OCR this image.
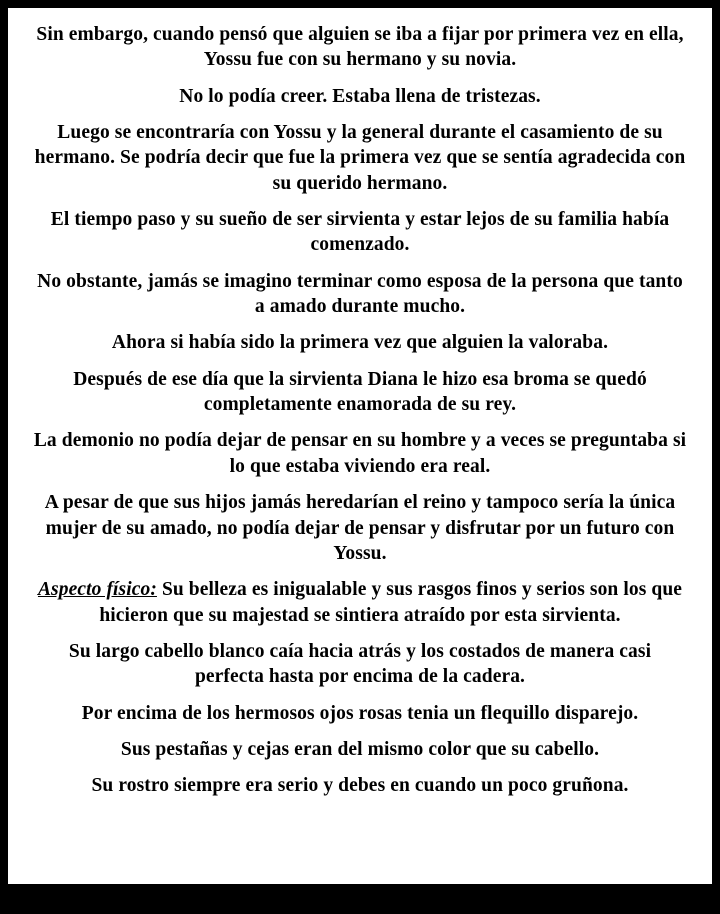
Sin embargo, cuando pensó que alguien se iba a fijar por primera vez en ella, Yossu fue con su hermano y su novia.

No lo podía creer. Estaba llena de tristezas.

Luego se encontraría con Yossu y la general durante el casamiento de su hermano. Se podría decir que fue la primera vez que se sentía agradecida con su querido hermano.

El tiempo paso y su sueño de ser sirvienta y estar lejos de su familia había comenzado.

No obstante, jamás se imagino terminar como esposa de la persona que tanto a amado durante mucho.

Ahora si había sido la primera vez que alguien la valoraba.

Después de ese día que la sirvienta Diana le hizo esa broma se quedó completamente enamorada de su rey.

La demonio no podía dejar de pensar en su hombre y a veces se preguntaba si lo que estaba viviendo era real.

A pesar de que sus hijos jamás heredarían el reino y tampoco sería la única mujer de su amado, no podía dejar de pensar y disfrutar por un futuro con Yossu.

Aspecto físico: Su belleza es inigualable y sus rasgos finos y serios son los que hicieron que su majestad se sintiera atraído por esta sirvienta.

Su largo cabello blanco caía hacia atrás y los costados de manera casi perfecta hasta por encima de la cadera.

Por encima de los hermosos ojos rosas tenia un flequillo disparejo.

Sus pestañas y cejas eran del mismo color que su cabello.

Su rostro siempre era serio y debes en cuando un poco gruñona.
